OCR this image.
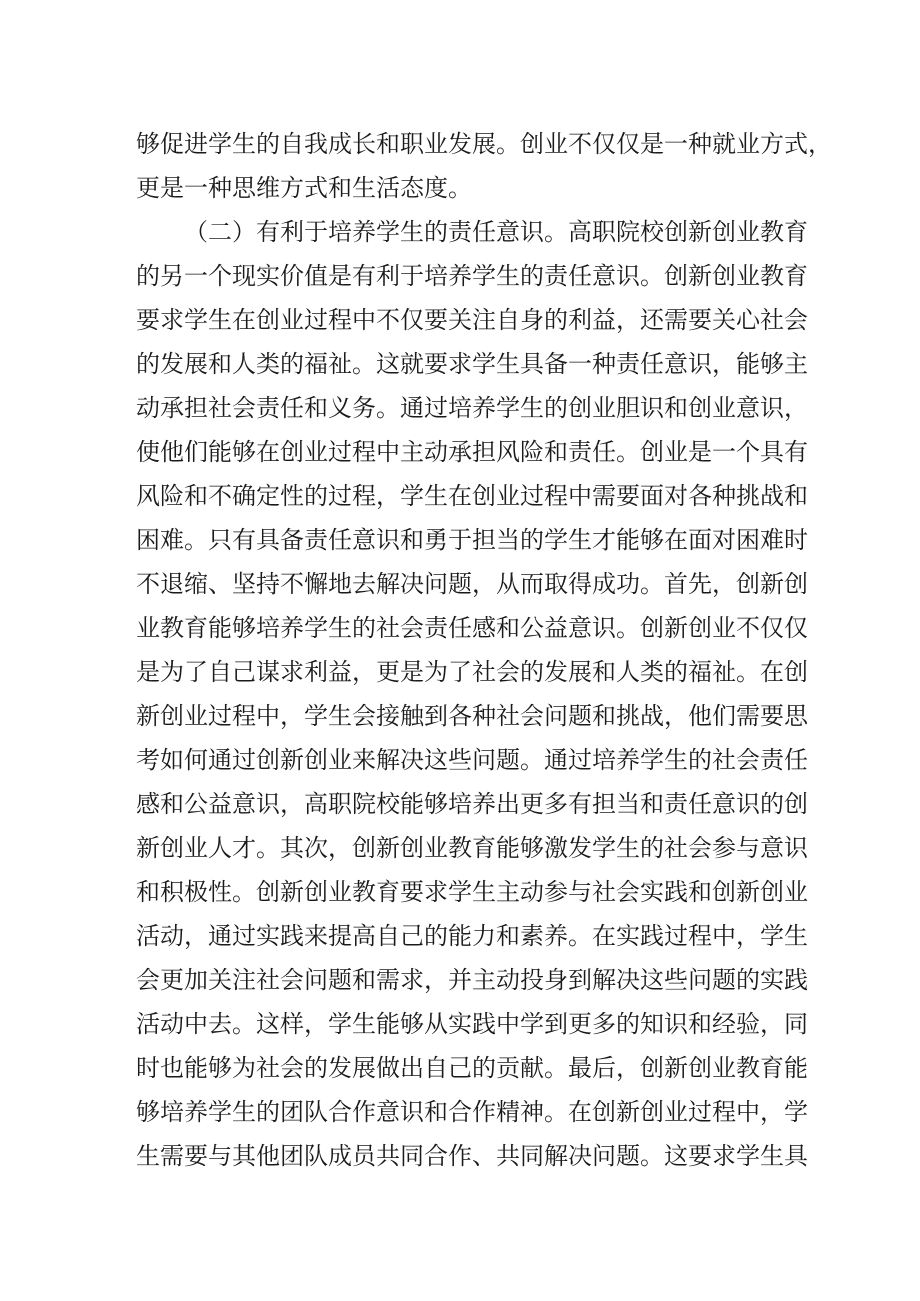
够促进学生的自我成长和职业发展。创业不仅仅是一种就业方式，
更是一种思维方式和生活态度。
（二）有利于培养学生的责任意识。高职院校创新创业教育
的另一个现实价值是有利于培养学生的责任意识。创新创业教育
要求学生在创业过程中不仅要关注自身的利益，还需要关心社会
的发展和人类的福祉。这就要求学生具备一种责任意识，能够主
动承担社会责任和义务。通过培养学生的创业胆识和创业意识，
使他们能够在创业过程中主动承担风险和责任。创业是一个具有
风险和不确定性的过程，学生在创业过程中需要面对各种挑战和
困难。只有具备责任意识和勇于担当的学生才能够在面对困难时
不退缩、坚持不懈地去解决问题，从而取得成功。首先，创新创
业教育能够培养学生的社会责任感和公益意识。创新创业不仅仅
是为了自己谋求利益，更是为了社会的发展和人类的福祉。在创
新创业过程中，学生会接触到各种社会问题和挑战，他们需要思
考如何通过创新创业来解决这些问题。通过培养学生的社会责任
感和公益意识，高职院校能够培养出更多有担当和责任意识的创
新创业人才。其次，创新创业教育能够激发学生的社会参与意识
和积极性。创新创业教育要求学生主动参与社会实践和创新创业
活动，通过实践来提高自己的能力和素养。在实践过程中，学生
会更加关注社会问题和需求，并主动投身到解决这些问题的实践
活动中去。这样，学生能够从实践中学到更多的知识和经验，同
时也能够为社会的发展做出自己的贡献。最后，创新创业教育能
够培养学生的团队合作意识和合作精神。在创新创业过程中，学
生需要与其他团队成员共同合作、共同解决问题。这要求学生具
